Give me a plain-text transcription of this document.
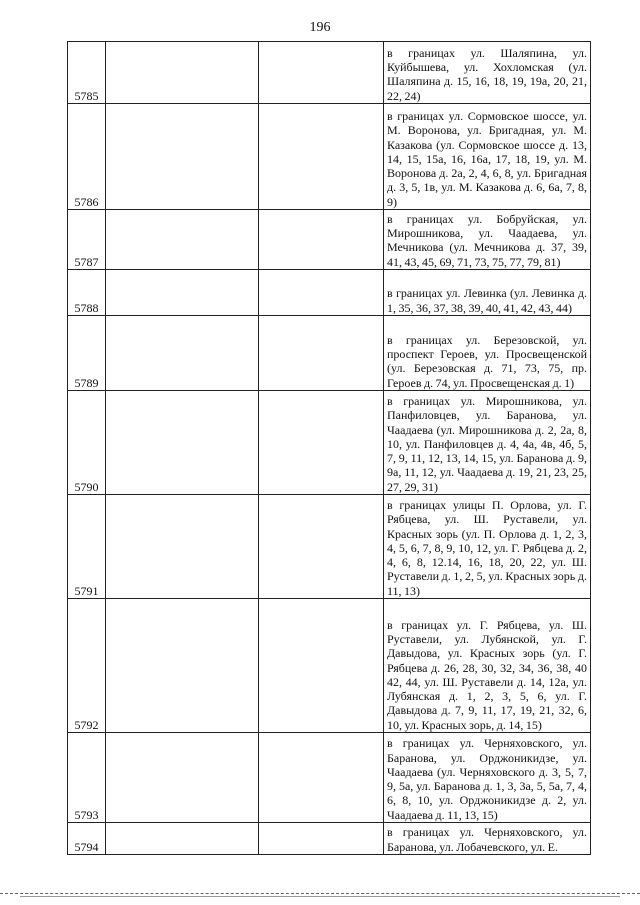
196
5785			в границах ул. Шаляпина, ул. Куйбышева, ул. Хохломская (ул. Шаляпина д. 15, 16, 18, 19, 19а, 20, 21, 22, 24)

5786			в границах ул. Сормовское шоссе, ул. М. Воронова, ул. Бригадная, ул. М. Казакова (ул. Сормовское шоссе д. 13, 14, 15, 15а, 16, 16а, 17, 18, 19, ул. М. Воронова д. 2а, 2, 4, 6, 8, ул. Бригадная д. 3, 5, 1в, ул. М. Казакова д. 6, 6а, 7, 8, 9)

5787			в границах ул. Бобруйская, ул. Мирошникова, ул. Чаадаева, ул. Мечникова (ул. Мечникова д. 37, 39, 41, 43, 45, 69, 71, 73, 75, 77, 79, 81)

5788			в границах ул. Левинка (ул. Левинка д. 1, 35, 36, 37, 38, 39, 40, 41, 42, 43, 44)

5789			в границах ул. Березовской, ул. проспект Героев, ул. Просвещенской (ул. Березовская д. 71, 73, 75, пр. Героев д. 74, ул. Просвещенская д. 1)

5790			в границах ул. Мирошникова, ул. Панфиловцев, ул. Баранова, ул. Чаадаева (ул. Мирошникова д. 2, 2а, 8, 10, ул. Панфиловцев д. 4, 4а, 4в, 4б, 5, 7, 9, 11, 12, 13, 14, 15, ул. Баранова д. 9, 9а, 11, 12, ул. Чаадаева д. 19, 21, 23, 25, 27, 29, 31)

5791			в границах улицы П. Орлова, ул. Г. Рябцева, ул. Ш. Руставели, ул. Красных зорь (ул. П. Орлова д. 1, 2, 3, 4, 5, 6, 7, 8, 9, 10, 12, ул. Г. Рябцева д. 2, 4, 6, 8, 12.14, 16, 18, 20, 22, ул. Ш. Руставели д. 1, 2, 5, ул. Красных зорь д. 11, 13)

5792			в границах ул. Г. Рябцева, ул. Ш. Руставели, ул. Лубянской, ул. Г. Давыдова, ул. Красных зорь (ул. Г. Рябцева д. 26, 28, 30, 32, 34, 36, 38, 40 42, 44, ул. Ш. Руставели д. 14, 12а, ул. Лубянская д. 1, 2, 3, 5, 6, ул. Г. Давыдова д. 7, 9, 11, 17, 19, 21, 32, 6, 10, ул. Красных зорь, д. 14, 15)

5793			в границах ул. Черняховского, ул. Баранова, ул. Орджоникидзе, ул. Чаадаева (ул. Черняховского д. 3, 5, 7, 9, 5а, ул. Баранова д. 1, 3, 3а, 5, 5а, 7, 4, 6, 8, 10, ул. Орджоникидзе д. 2, ул. Чаадаева д. 11, 13, 15)

5794			в границах ул. Черняховского, ул. Баранова, ул. Лобачевского, ул. Е.
